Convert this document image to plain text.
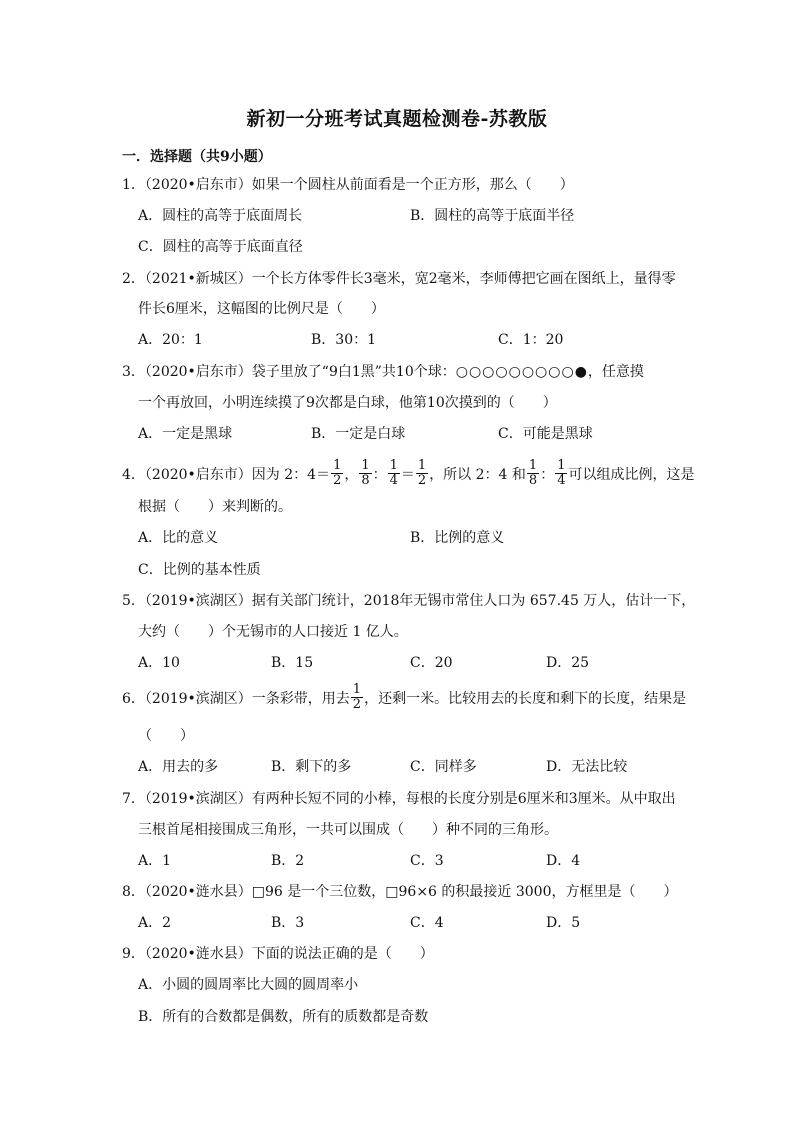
新初一分班考试真题检测卷-苏教版
一．选择题（共9小题）
1．（2020•启东市）如果一个圆柱从前面看是一个正方形，那么（　　）
A．圆柱的高等于底面周长	B．圆柱的高等于底面半径
C．圆柱的高等于底面直径
2．（2021•新城区）一个长方体零件长3毫米，宽2毫米，李师傅把它画在图纸上，量得零
件长6厘米，这幅图的比例尺是（　　）
A．20：1	B．30：1	C．1：20
3．（2020•启东市）袋子里放了“9白1黑”共10个球：○○○○○○○○○●，任意摸
一个再放回，小明连续摸了9次都是白球，他第10次摸到的（　　）
A．一定是黑球	B．一定是白球	C．可能是黑球
4．（2020•启东市）因为 2：$4= \frac{1}{2}$ ， $\frac{1}{8}$ ： $\frac{1}{4} = \frac{1}{2}$ ，所以 2：4 和 $\frac{1}{8}$ ： $\frac{1}{4}$ 可以组成比例，这是
根据（　　）来判断的。
A．比的意义	B．比例的意义
C．比例的基本性质
5．（2019•滨湖区）据有关部门统计，2018年无锡市常住人口为 657.45 万人，估计一下，
大约（　　）个无锡市的人口接近 1 亿人。
A．10	B．15	C．20	D．25
6．（2019•滨湖区）一条彩带，用去 $\frac{1}{2}$ ，还剩一米。比较用去的长度和剩下的长度，结果是
（　　）
A．用去的多	B．剩下的多	C．同样多	D．无法比较
7．（2019•滨湖区）有两种长短不同的小棒，每根的长度分别是6厘米和3厘米。从中取出
三根首尾相接围成三角形，一共可以围成（　　）种不同的三角形。
A．1	B．2	C．3	D．4
8．（2020•涟水县）□96 是一个三位数，□96×6 的积最接近 3000，方框里是（　　）
A．2	B．3	C．4	D．5
9．（2020•涟水县）下面的说法正确的是（　　）
A．小圆的圆周率比大圆的圆周率小
B．所有的合数都是偶数，所有的质数都是奇数
